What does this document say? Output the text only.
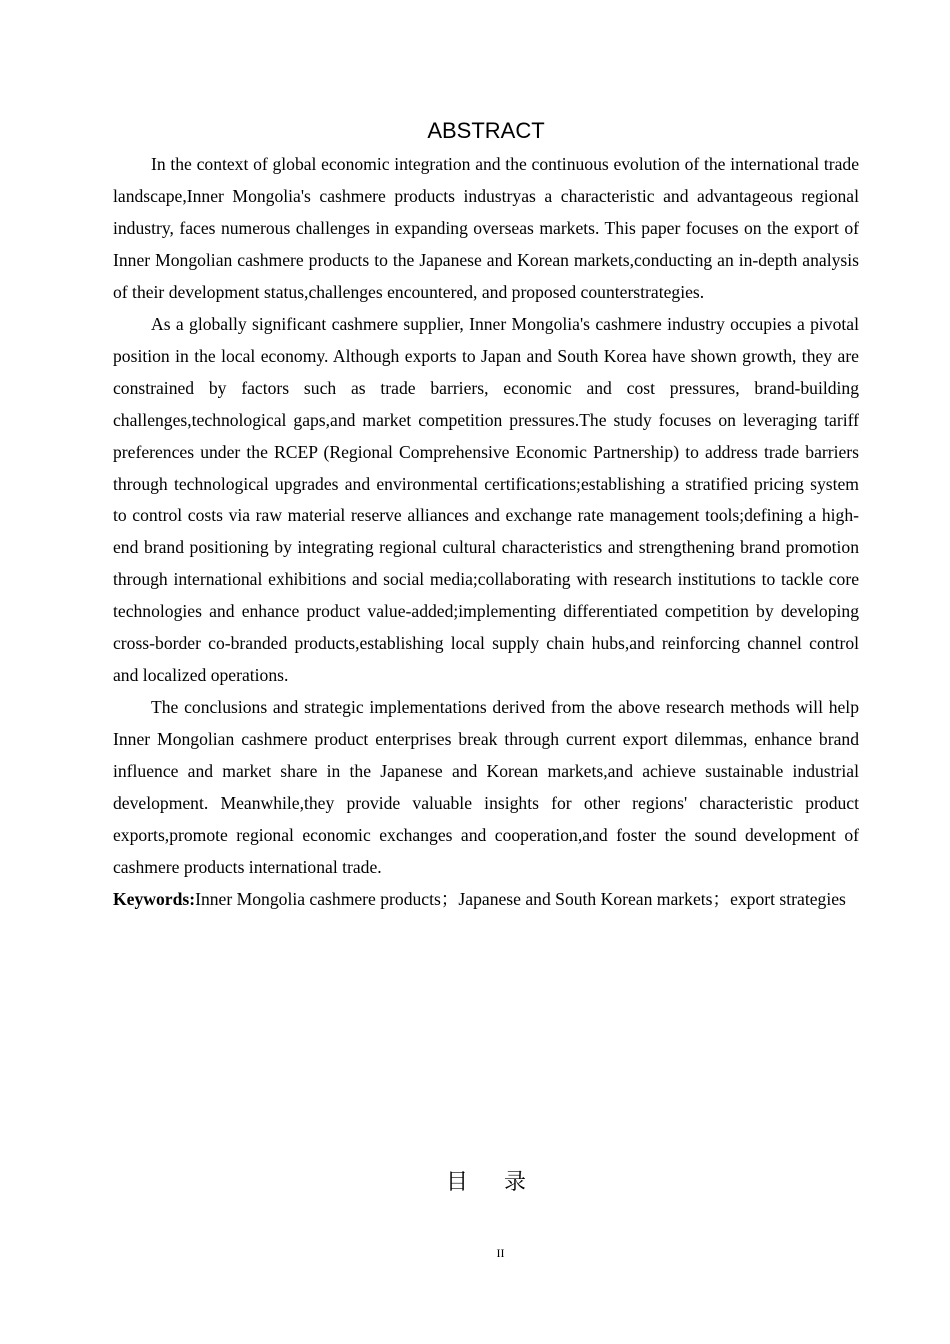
ABSTRACT

In the context of global economic integration and the continuous evolution of the international trade landscape,Inner Mongolia's cashmere products industryas a characteristic and advantageous regional industry, faces numerous challenges in expanding overseas markets. This paper focuses on the export of Inner Mongolian cashmere products to the Japanese and Korean markets,conducting an in-depth analysis of their development status,challenges encountered, and proposed counterstrategies.

As a globally significant cashmere supplier, Inner Mongolia's cashmere industry occupies a pivotal position in the local economy. Although exports to Japan and South Korea have shown growth, they are constrained by factors such as trade barriers, economic and cost pressures, brand-building challenges,technological gaps,and market competition pressures.The study focuses on leveraging tariff preferences under the RCEP (Regional Comprehensive Economic Partnership) to address trade barriers through technological upgrades and environmental certifications;establishing a stratified pricing system to control costs via raw material reserve alliances and exchange rate management tools;defining a high-end brand positioning by integrating regional cultural characteristics and strengthening brand promotion through international exhibitions and social media;collaborating with research institutions to tackle core technologies and enhance product value-added;implementing differentiated competition by developing cross-border co-branded products,establishing local supply chain hubs,and reinforcing channel control and localized operations.

The conclusions and strategic implementations derived from the above research methods will help Inner Mongolian cashmere product enterprises break through current export dilemmas, enhance brand influence and market share in the Japanese and Korean markets,and achieve sustainable industrial development. Meanwhile,they provide valuable insights for other regions' characteristic product exports,promote regional economic exchanges and cooperation,and foster the sound development of cashmere products international trade.

Keywords:Inner Mongolia cashmere products；Japanese and South Korean markets；export strategies

目录
II
